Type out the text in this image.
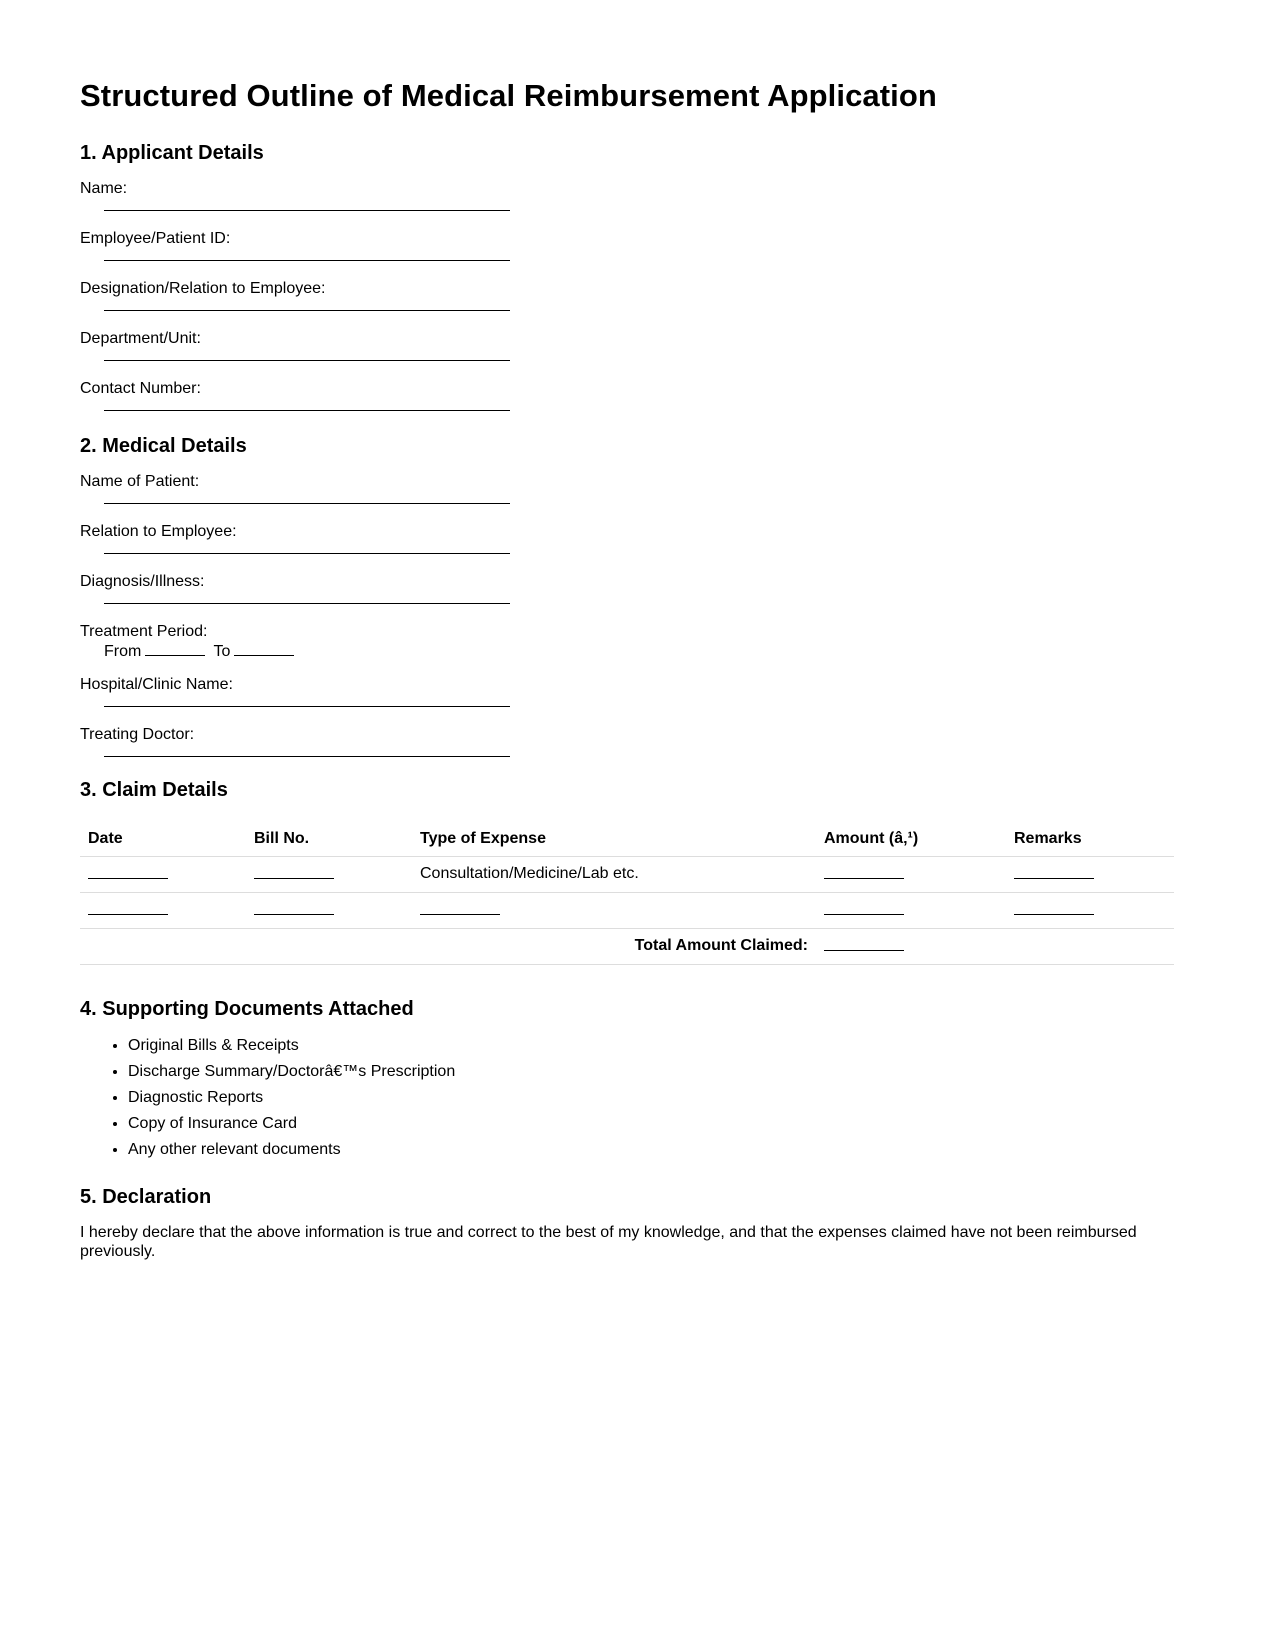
Structured Outline of Medical Reimbursement Application
1. Applicant Details
Name:
Employee/Patient ID:
Designation/Relation to Employee:
Department/Unit:
Contact Number:
2. Medical Details
Name of Patient:
Relation to Employee:
Diagnosis/Illness:
Treatment Period:
From	To
Hospital/Clinic Name:
Treating Doctor:
3. Claim Details
Date	Bill No.	Type of Expense	Amount (â‚¹)	Remarks
		Consultation/Medicine/Lab etc.		

Total Amount Claimed:				
4. Supporting Documents Attached
• Original Bills & Receipts
• Discharge Summary/Doctorâ€™s Prescription
• Diagnostic Reports
• Copy of Insurance Card
• Any other relevant documents
5. Declaration
I hereby declare that the above information is true and correct to the best of my knowledge, and that the expenses claimed have not been reimbursed previously.
